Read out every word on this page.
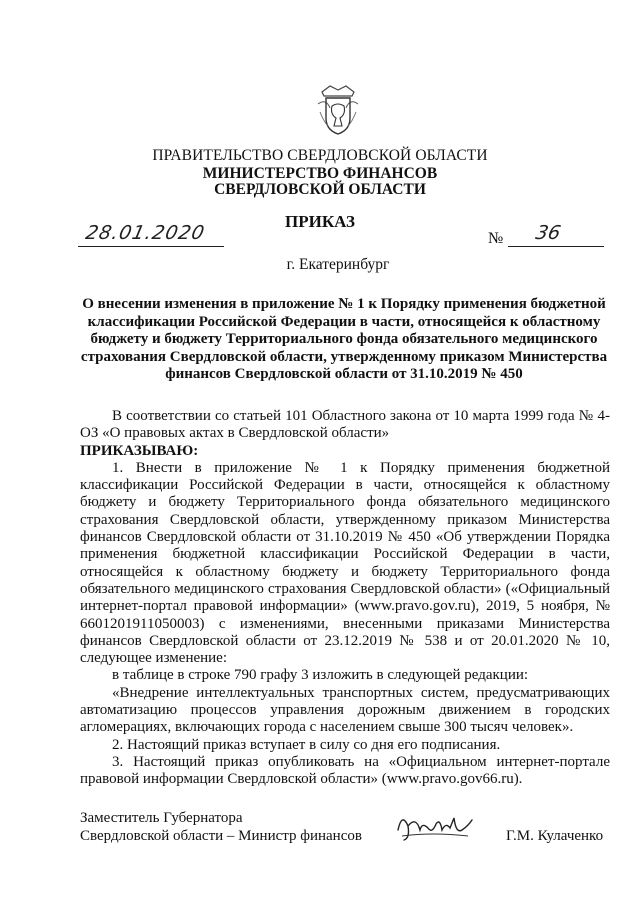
ПРАВИТЕЛЬСТВО СВЕРДЛОВСКОЙ ОБЛАСТИ
МИНИСТЕРСТВО ФИНАНСОВ
СВЕРДЛОВСКОЙ ОБЛАСТИ
ПРИКАЗ
28.01.2020	№ 36
г. Екатеринбург
О внесении изменения в приложение № 1 к Порядку применения бюджетной классификации Российской Федерации в части, относящейся к областному бюджету и бюджету Территориального фонда обязательного медицинского страхования Свердловской области, утвержденному приказом Министерства финансов Свердловской области от 31.10.2019 № 450

В соответствии со статьей 101 Областного закона от 10 марта 1999 года № 4-ОЗ «О правовых актах в Свердловской области»

ПРИКАЗЫВАЮ:

1. Внести в приложение № 1 к Порядку применения бюджетной классификации Российской Федерации в части, относящейся к областному бюджету и бюджету Территориального фонда обязательного медицинского страхования Свердловской области, утвержденному приказом Министерства финансов Свердловской области от 31.10.2019 № 450 «Об утверждении Порядка применения бюджетной классификации Российской Федерации в части, относящейся к областному бюджету и бюджету Территориального фонда обязательного медицинского страхования Свердловской области» («Официальный интернет-портал правовой информации» (www.pravo.gov.ru), 2019, 5 ноября, № 6601201911050003) с изменениями, внесенными приказами Министерства финансов Свердловской области от 23.12.2019 № 538 и от 20.01.2020 № 10, следующее изменение:

в таблице в строке 790 графу 3 изложить в следующей редакции:

«Внедрение интеллектуальных транспортных систем, предусматривающих автоматизацию процессов управления дорожным движением в городских агломерациях, включающих города с населением свыше 300 тысяч человек».

2. Настоящий приказ вступает в силу со дня его подписания.

3. Настоящий приказ опубликовать на «Официальном интернет-портале правовой информации Свердловской области» (www.pravo.gov66.ru).

Заместитель Губернатора
Свердловской области – Министр финансов	Г.М. Кулаченко
